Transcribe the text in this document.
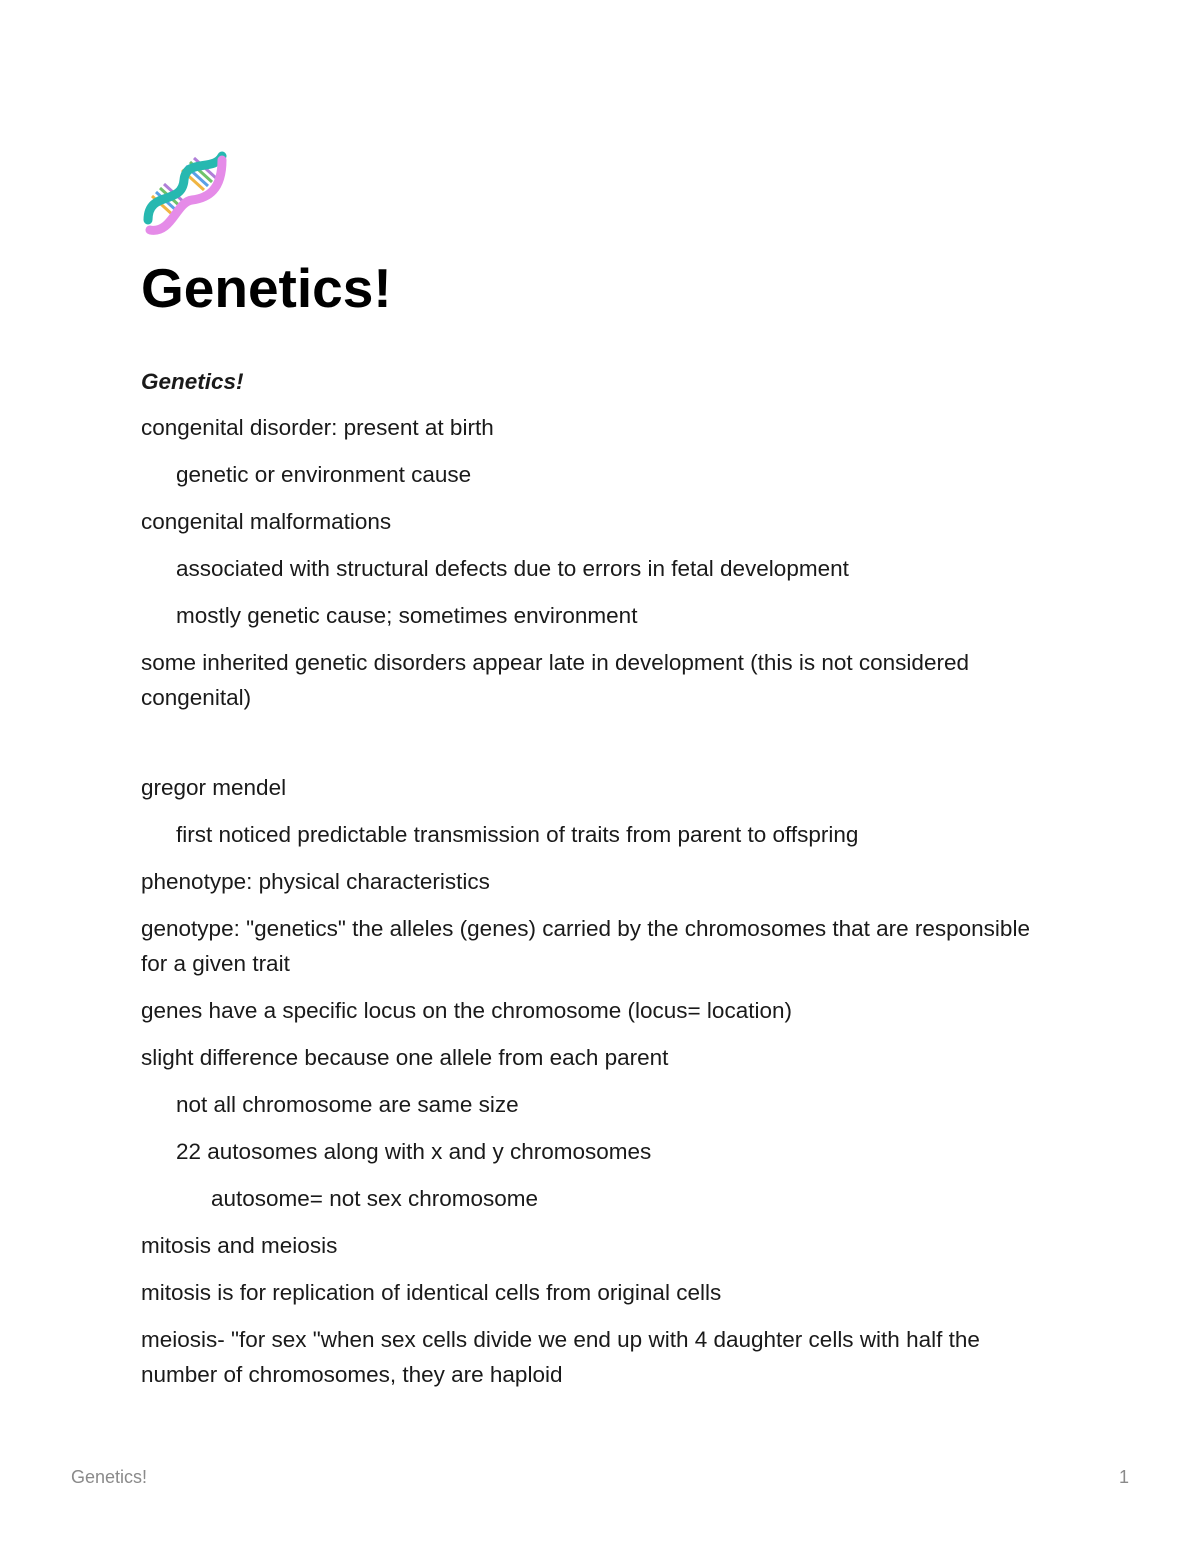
Genetics!

Genetics!

congenital disorder: present at birth

genetic or environment cause

congenital malformations

associated with structural defects due to errors in fetal development

mostly genetic cause; sometimes environment

some inherited genetic disorders appear late in development (this is not considered congenital)

gregor mendel

first noticed predictable transmission of traits from parent to offspring

phenotype: physical characteristics

genotype: "genetics" the alleles (genes) carried by the chromosomes that are responsible for a given trait

genes have a specific locus on the chromosome (locus= location)

slight difference because one allele from each parent

not all chromosome are same size

22 autosomes along with x and y chromosomes

autosome= not sex chromosome

mitosis and meiosis

mitosis is for replication of identical cells from original cells

meiosis- "for sex "when sex cells divide we end up with 4 daughter cells with half the number of chromosomes, they are haploid

Genetics!	1
